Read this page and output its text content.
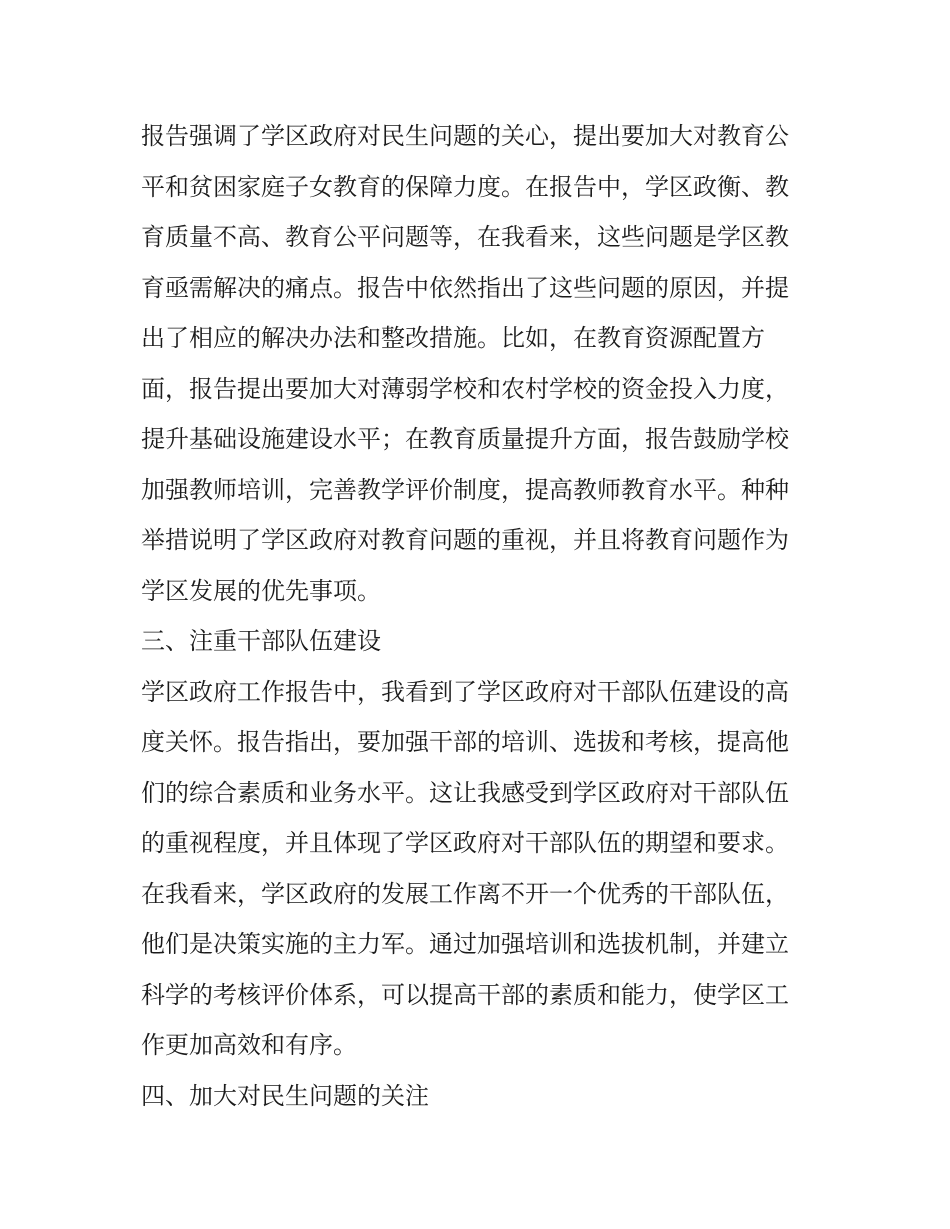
报告强调了学区政府对民生问题的关心，提出要加大对教育公
平和贫困家庭子女教育的保障力度。在报告中，学区政衡、教
育质量不高、教育公平问题等，在我看来，这些问题是学区教
育亟需解决的痛点。报告中依然指出了这些问题的原因，并提
出了相应的解决办法和整改措施。比如，在教育资源配置方
面，报告提出要加大对薄弱学校和农村学校的资金投入力度，
提升基础设施建设水平；在教育质量提升方面，报告鼓励学校
加强教师培训，完善教学评价制度，提高教师教育水平。种种
举措说明了学区政府对教育问题的重视，并且将教育问题作为
学区发展的优先事项。
三、注重干部队伍建设
学区政府工作报告中，我看到了学区政府对干部队伍建设的高
度关怀。报告指出，要加强干部的培训、选拔和考核，提高他
们的综合素质和业务水平。这让我感受到学区政府对干部队伍
的重视程度，并且体现了学区政府对干部队伍的期望和要求。
在我看来，学区政府的发展工作离不开一个优秀的干部队伍，
他们是决策实施的主力军。通过加强培训和选拔机制，并建立
科学的考核评价体系，可以提高干部的素质和能力，使学区工
作更加高效和有序。
四、加大对民生问题的关注
